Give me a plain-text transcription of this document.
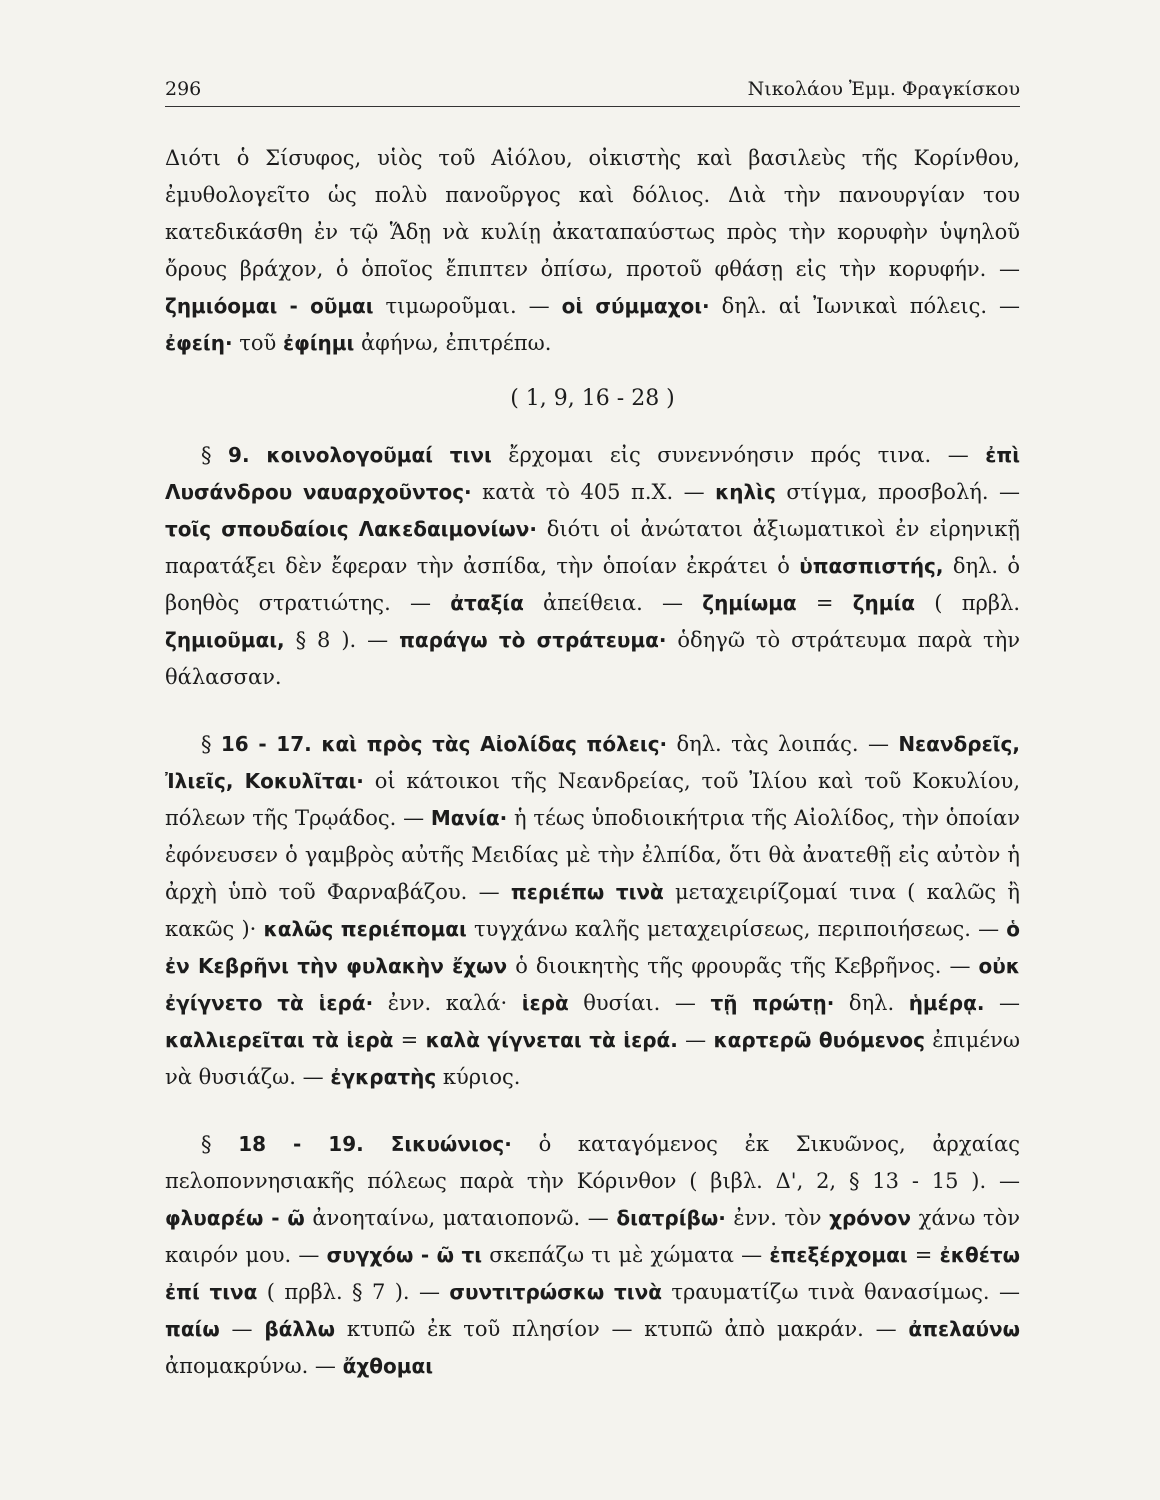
296	Νικολάου Ἐμμ. Φραγκίσκου

Διότι ὁ Σίσυφος, υἱὸς τοῦ Αἰόλου, οἰκιστὴς καὶ βασιλεὺς τῆς Κορίνθου, ἐμυθολογεῖτο ὡς πολὺ πανοῦργος καὶ δόλιος. Διὰ τὴν πανουργίαν του κατεδικάσθη ἐν τῷ Ἅδῃ νὰ κυλίῃ ἀκαταπαύστως πρὸς τὴν κορυφὴν ὑψηλοῦ ὄρους βράχον, ὁ ὁποῖος ἔπιπτεν ὀπίσω, προτοῦ φθάσῃ εἰς τὴν κορυφήν. — ζημιόομαι - οῦμαι τιμωροῦμαι. — οἱ σύμμαχοι· δηλ. αἱ Ἰωνικαὶ πόλεις. — ἐφείη· τοῦ ἐφίημι ἀφήνω, ἐπιτρέπω.

( 1, 9, 16 - 28 )

§ 9. κοινολογοῦμαί τινι ἔρχομαι εἰς συνεννόησιν πρός τινα. — ἐπὶ Λυσάνδρου ναυαρχοῦντος· κατὰ τὸ 405 π.Χ. — κηλὶς στίγμα, προσβολή. — τοῖς σπουδαίοις Λακεδαιμονίων· διότι οἱ ἀνώτατοι ἀξιωματικοὶ ἐν εἰρηνικῇ παρατάξει δὲν ἔφεραν τὴν ἀσπίδα, τὴν ὁποίαν ἐκράτει ὁ ὑπασπιστής, δηλ. ὁ βοηθὸς στρατιώτης. — ἀταξία ἀπείθεια. — ζημίωμα = ζημία ( πρβλ. ζημιοῦμαι, § 8 ). — παράγω τὸ στράτευμα· ὁδηγῶ τὸ στράτευμα παρὰ τὴν θάλασσαν.

§ 16 - 17. καὶ πρὸς τὰς Αἰολίδας πόλεις· δηλ. τὰς λοιπάς. — Νεανδρεῖς, Ἰλιεῖς, Κοκυλῖται· οἱ κάτοικοι τῆς Νεανδρείας, τοῦ Ἰλίου καὶ τοῦ Κοκυλίου, πόλεων τῆς Τρῳάδος. — Μανία· ἡ τέως ὑποδιοικήτρια τῆς Αἰολίδος, τὴν ὁποίαν ἐφόνευσεν ὁ γαμβρὸς αὐτῆς Μειδίας μὲ τὴν ἐλπίδα, ὅτι θὰ ἀνατεθῇ εἰς αὐτὸν ἡ ἀρχὴ ὑπὸ τοῦ Φαρναβάζου. — περιέπω τινὰ μεταχειρίζομαί τινα ( καλῶς ἢ κακῶς )· καλῶς περιέπομαι τυγχάνω καλῆς μεταχειρίσεως, περιποιήσεως. — ὁ ἐν Κεβρῆνι τὴν φυλακὴν ἔχων ὁ διοικητὴς τῆς φρουρᾶς τῆς Κεβρῆνος. — οὐκ ἐγίγνετο τὰ ἱερά· ἐνν. καλά· ἱερὰ θυσίαι. — τῇ πρώτῃ· δηλ. ἡμέρᾳ. — καλλιερεῖται τὰ ἱερὰ = καλὰ γίγνεται τὰ ἱερά. — καρτερῶ θυόμενος ἐπιμένω νὰ θυσιάζω. — ἐγκρατὴς κύριος.

§ 18 - 19. Σικυώνιος· ὁ καταγόμενος ἐκ Σικυῶνος, ἀρχαίας πελοποννησιακῆς πόλεως παρὰ τὴν Κόρινθον ( βιβλ. Δ', 2, § 13 - 15 ). — φλυαρέω - ῶ ἀνοηταίνω, ματαιοπονῶ. — διατρίβω· ἐνν. τὸν χρόνον χάνω τὸν καιρόν μου. — συγχόω - ῶ τι σκεπάζω τι μὲ χώματα — ἐπεξέρχομαι = ἐκθέτω ἐπί τινα ( πρβλ. § 7 ). — συντιτρώσκω τινὰ τραυματίζω τινὰ θανασίμως. — παίω — βάλλω κτυπῶ ἐκ τοῦ πλησίον — κτυπῶ ἀπὸ μακράν. — ἀπελαύνω ἀπομακρύνω. — ἄχθομαι
